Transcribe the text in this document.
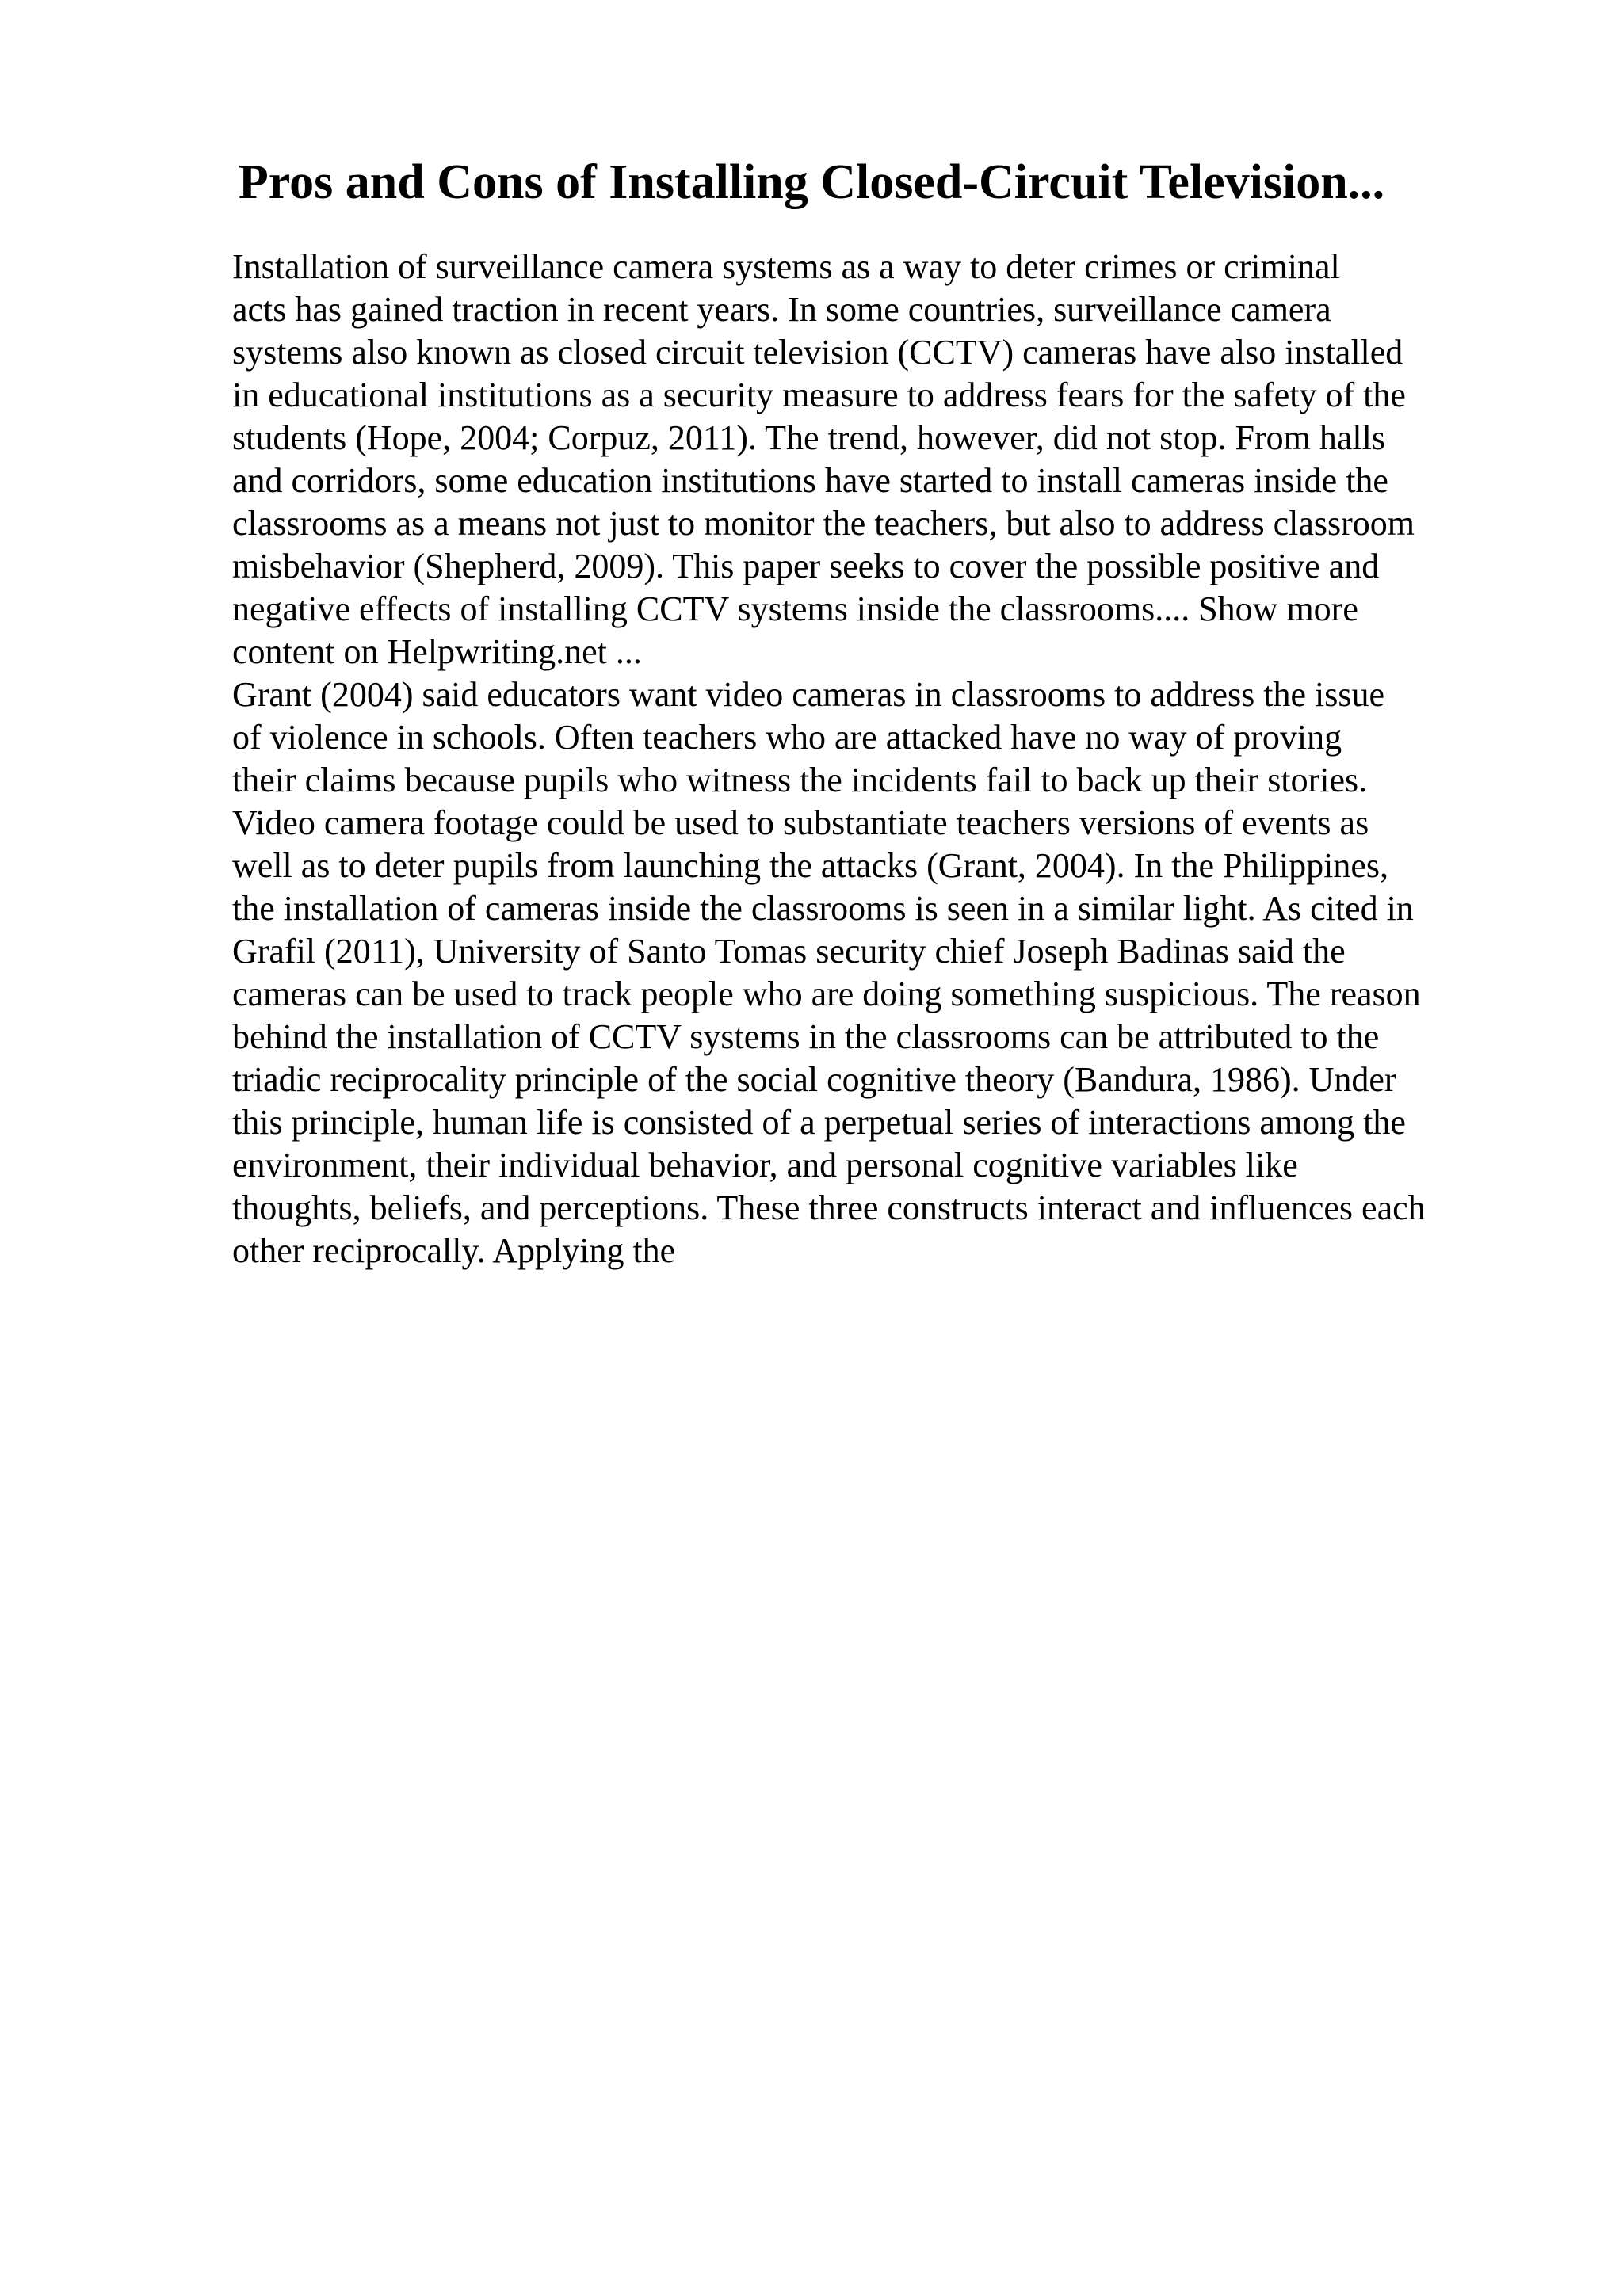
Pros and Cons of Installing Closed-Circuit Television...

Installation of surveillance camera systems as a way to deter crimes or criminal

acts has gained traction in recent years. In some countries, surveillance camera

systems also known as closed circuit television (CCTV) cameras have also installed

in educational institutions as a security measure to address fears for the safety of the

students (Hope, 2004; Corpuz, 2011). The trend, however, did not stop. From halls

and corridors, some education institutions have started to install cameras inside the

classrooms as a means not just to monitor the teachers, but also to address classroom

misbehavior (Shepherd, 2009). This paper seeks to cover the possible positive and

negative effects of installing CCTV systems inside the classrooms.... Show more

content on Helpwriting.net ...

Grant (2004) said educators want video cameras in classrooms to address the issue

of violence in schools. Often teachers who are attacked have no way of proving

their claims because pupils who witness the incidents fail to back up their stories.

Video camera footage could be used to substantiate teachers versions of events as

well as to deter pupils from launching the attacks (Grant, 2004). In the Philippines,

the installation of cameras inside the classrooms is seen in a similar light. As cited in

Grafil (2011), University of Santo Tomas security chief Joseph Badinas said the

cameras can be used to track people who are doing something suspicious. The reason

behind the installation of CCTV systems in the classrooms can be attributed to the

triadic reciprocality principle of the social cognitive theory (Bandura, 1986). Under

this principle, human life is consisted of a perpetual series of interactions among the

environment, their individual behavior, and personal cognitive variables like

thoughts, beliefs, and perceptions. These three constructs interact and influences each

other reciprocally. Applying the
